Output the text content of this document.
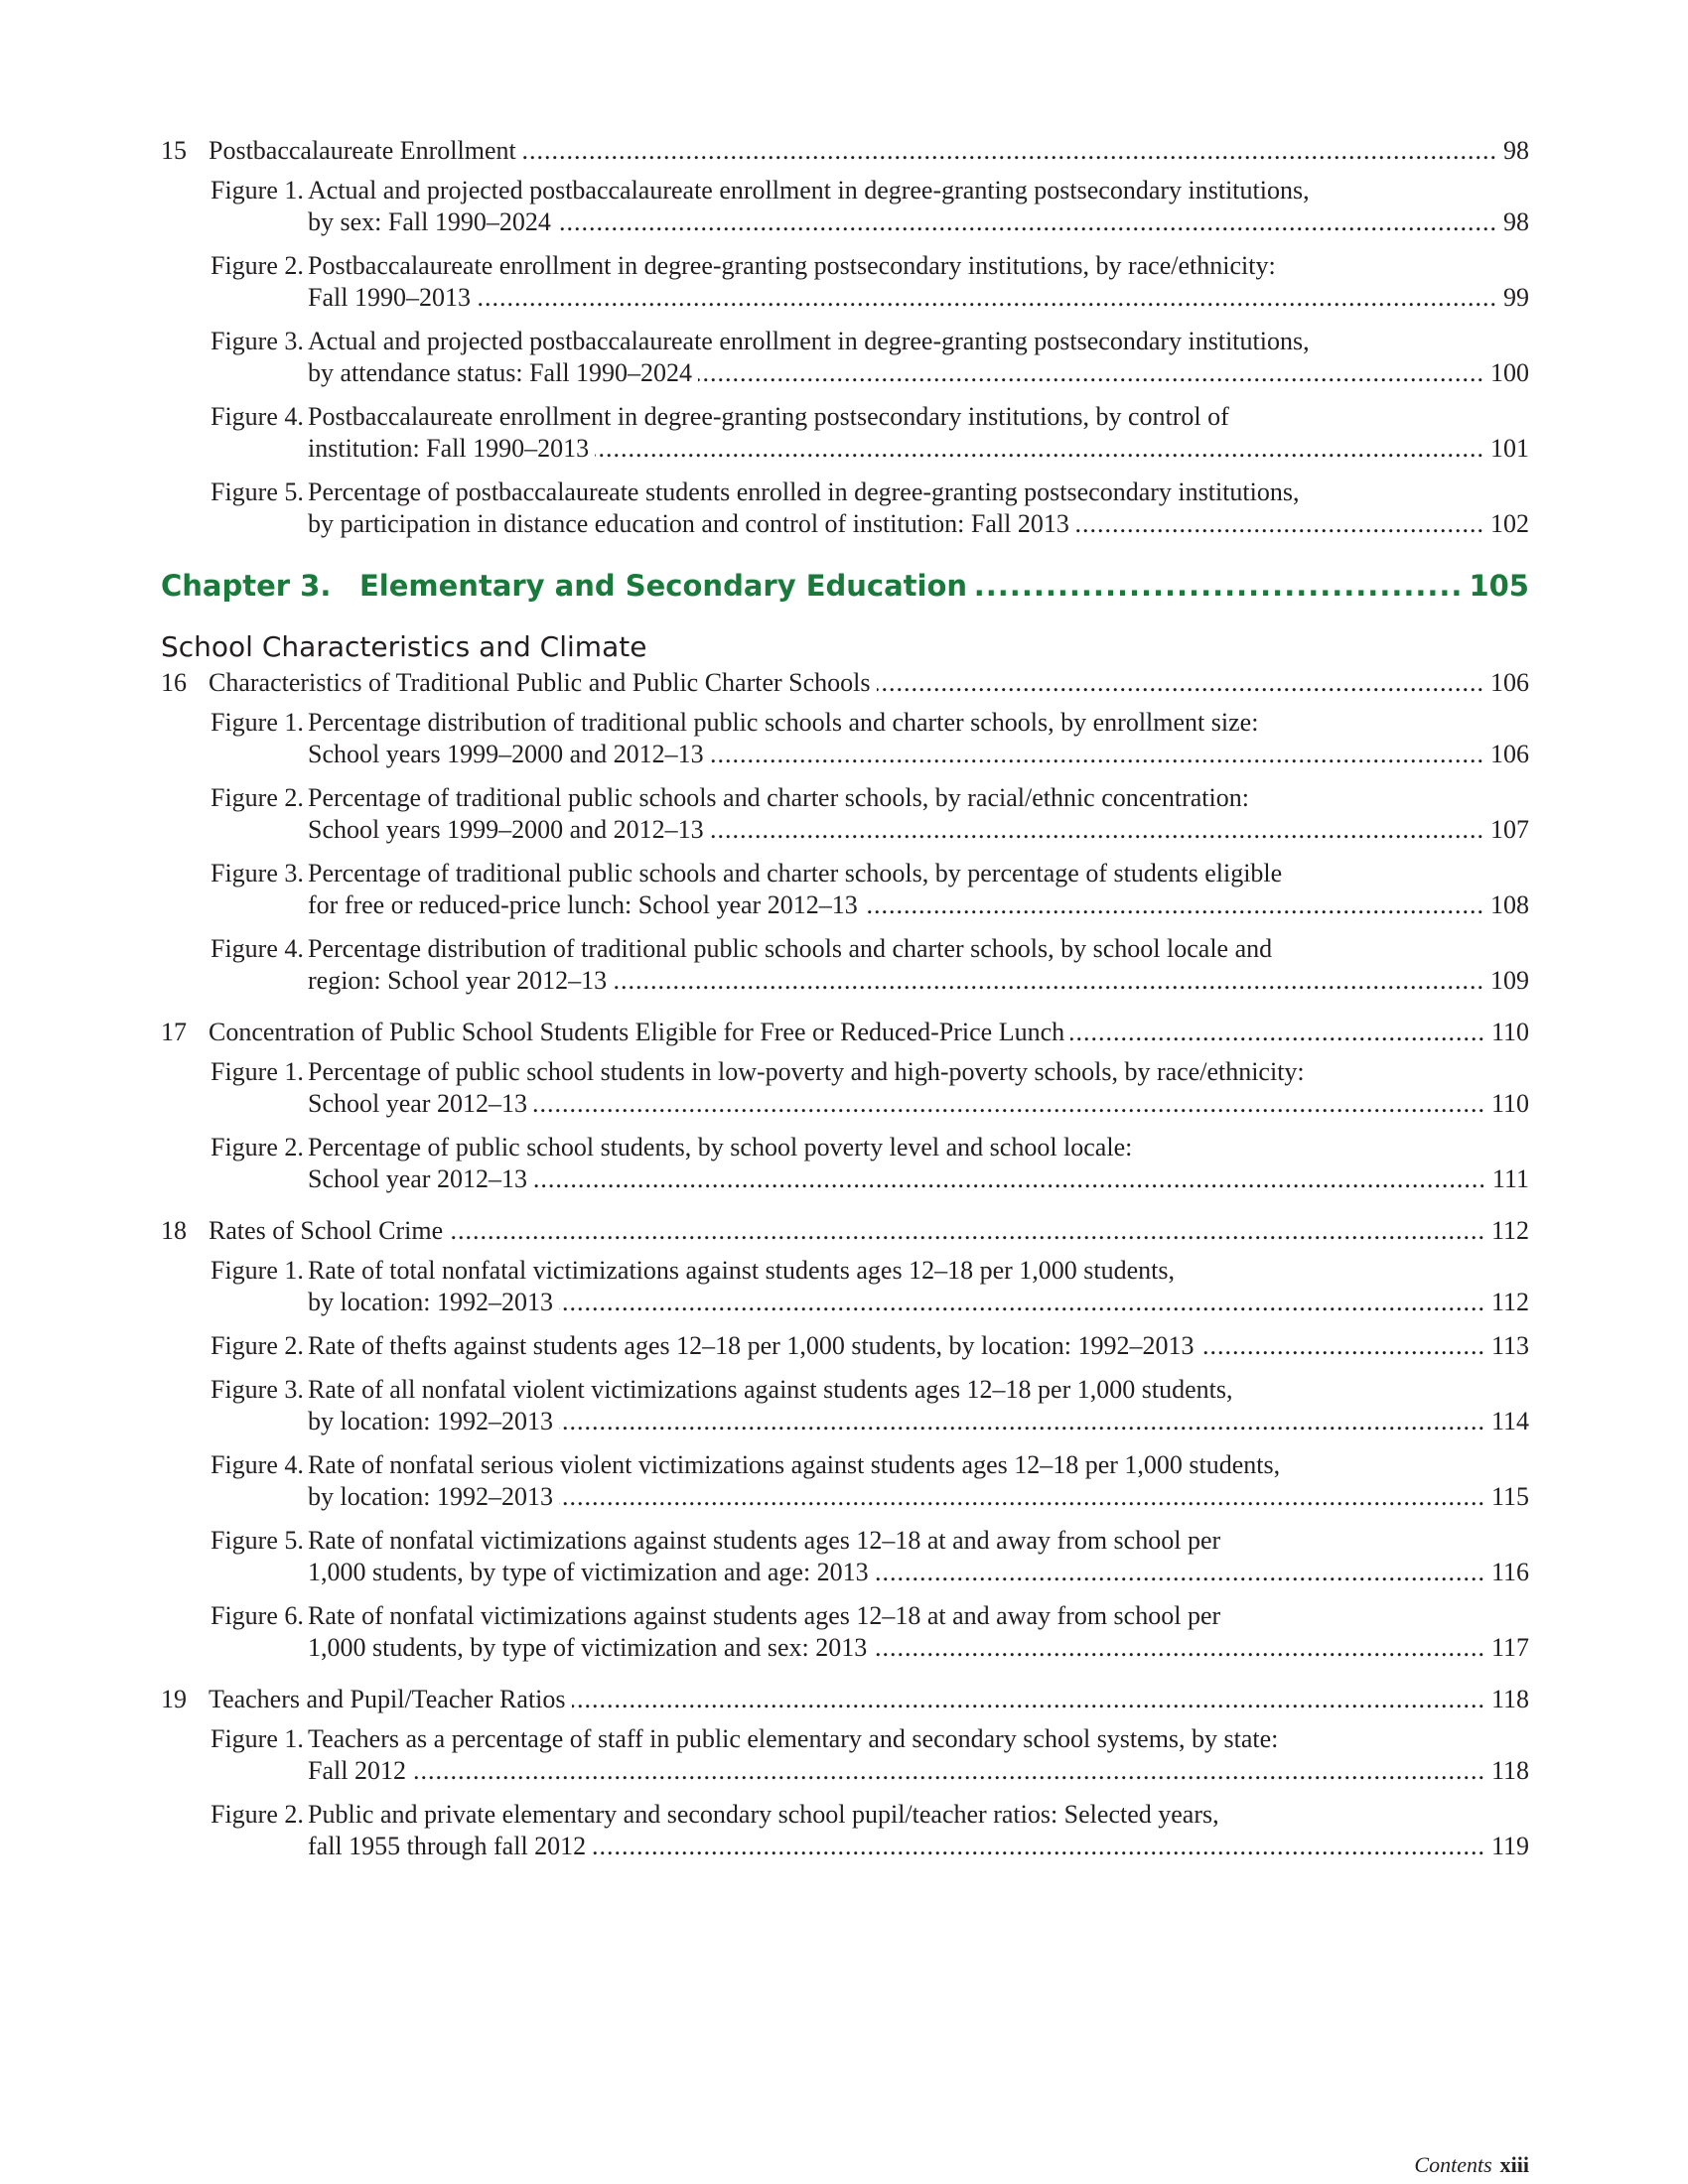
15 Postbaccalaureate Enrollment .....	98
Figure 1. Actual and projected postbaccalaureate enrollment in degree-granting postsecondary institutions,
by sex: Fall 1990–2024 .....	98
Figure 2. Postbaccalaureate enrollment in degree-granting postsecondary institutions, by race/ethnicity:
Fall 1990–2013 .....	99
Figure 3. Actual and projected postbaccalaureate enrollment in degree-granting postsecondary institutions,
by attendance status: Fall 1990–2024 .....	100
Figure 4. Postbaccalaureate enrollment in degree-granting postsecondary institutions, by control of
institution: Fall 1990–2013 .....	101
Figure 5. Percentage of postbaccalaureate students enrolled in degree-granting postsecondary institutions,
by participation in distance education and control of institution: Fall 2013 .....	102
Chapter 3. Elementary and Secondary Education .....	105
School Characteristics and Climate
16 Characteristics of Traditional Public and Public Charter Schools .....	106
Figure 1. Percentage distribution of traditional public schools and charter schools, by enrollment size:
School years 1999–2000 and 2012–13 .....	106
Figure 2. Percentage of traditional public schools and charter schools, by racial/ethnic concentration:
School years 1999–2000 and 2012–13 .....	107
Figure 3. Percentage of traditional public schools and charter schools, by percentage of students eligible
for free or reduced-price lunch: School year 2012–13 .....	108
Figure 4. Percentage distribution of traditional public schools and charter schools, by school locale and
region: School year 2012–13 .....	109
17 Concentration of Public School Students Eligible for Free or Reduced-Price Lunch .....	110
Figure 1. Percentage of public school students in low-poverty and high-poverty schools, by race/ethnicity:
School year 2012–13 .....	110
Figure 2. Percentage of public school students, by school poverty level and school locale:
School year 2012–13 .....	111
18 Rates of School Crime .....	112
Figure 1. Rate of total nonfatal victimizations against students ages 12–18 per 1,000 students,
by location: 1992–2013 .....	112
Figure 2. Rate of thefts against students ages 12–18 per 1,000 students, by location: 1992–2013 .....	113
Figure 3. Rate of all nonfatal violent victimizations against students ages 12–18 per 1,000 students,
by location: 1992–2013 .....	114
Figure 4. Rate of nonfatal serious violent victimizations against students ages 12–18 per 1,000 students,
by location: 1992–2013 .....	115
Figure 5. Rate of nonfatal victimizations against students ages 12–18 at and away from school per
1,000 students, by type of victimization and age: 2013 .....	116
Figure 6. Rate of nonfatal victimizations against students ages 12–18 at and away from school per
1,000 students, by type of victimization and sex: 2013 .....	117
19 Teachers and Pupil/Teacher Ratios .....	118
Figure 1. Teachers as a percentage of staff in public elementary and secondary school systems, by state:
Fall 2012 .....	118
Figure 2. Public and private elementary and secondary school pupil/teacher ratios: Selected years,
fall 1955 through fall 2012 .....	119
Contents xiii
